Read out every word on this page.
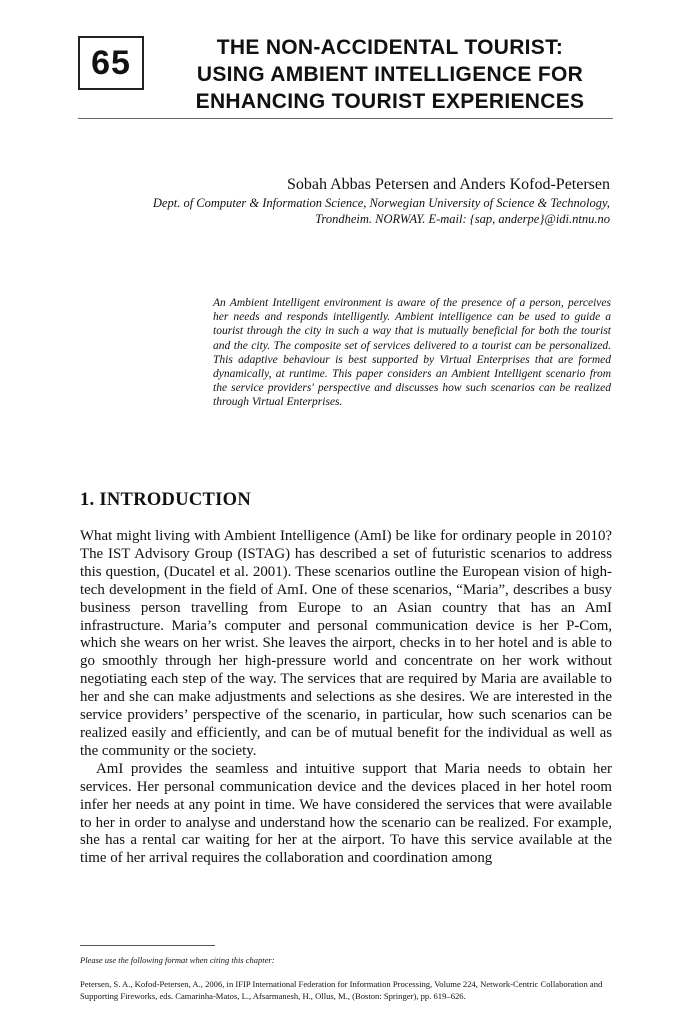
65	THE NON-ACCIDENTAL TOURIST:
USING AMBIENT INTELLIGENCE FOR
ENHANCING TOURIST EXPERIENCES
Sobah Abbas Petersen and Anders Kofod-Petersen
Dept. of Computer & Information Science, Norwegian University of Science & Technology,
Trondheim. NORWAY. E-mail: {sap, anderpe}@idi.ntnu.no
An Ambient Intelligent environment is aware of the presence of a person, perceives her needs and responds intelligently. Ambient intelligence can be used to guide a tourist through the city in such a way that is mutually beneficial for both the tourist and the city. The composite set of services delivered to a tourist can be personalized. This adaptive behaviour is best supported by Virtual Enterprises that are formed dynamically, at runtime. This paper considers an Ambient Intelligent scenario from the service providers' perspective and discusses how such scenarios can be realized through Virtual Enterprises.
1. INTRODUCTION

What might living with Ambient Intelligence (AmI) be like for ordinary people in 2010? The IST Advisory Group (ISTAG) has described a set of futuristic scenarios to address this question, (Ducatel et al. 2001). These scenarios outline the European vision of high-tech development in the field of AmI. One of these scenarios, “Maria”, describes a busy business person travelling from Europe to an Asian country that has an AmI infrastructure. Maria’s computer and personal communication device is her P-Com, which she wears on her wrist. She leaves the airport, checks in to her hotel and is able to go smoothly through her high-pressure world and concentrate on her work without negotiating each step of the way. The services that are required by Maria are available to her and she can make adjustments and selections as she desires. We are interested in the service providers’ perspective of the scenario, in particular, how such scenarios can be realized easily and efficiently, and can be of mutual benefit for the individual as well as the community or the society.

AmI provides the seamless and intuitive support that Maria needs to obtain her services. Her personal communication device and the devices placed in her hotel room infer her needs at any point in time. We have considered the services that were available to her in order to analyse and understand how the scenario can be realized. For example, she has a rental car waiting for her at the airport. To have this service available at the time of her arrival requires the collaboration and coordination among

Please use the following format when citing this chapter:
Petersen, S. A., Kofod-Petersen, A., 2006, in IFIP International Federation for Information Processing, Volume 224, Network-Centric Collaboration and Supporting Fireworks, eds. Camarinha-Matos, L., Afsarmanesh, H., Ollus, M., (Boston: Springer), pp. 619–626.
